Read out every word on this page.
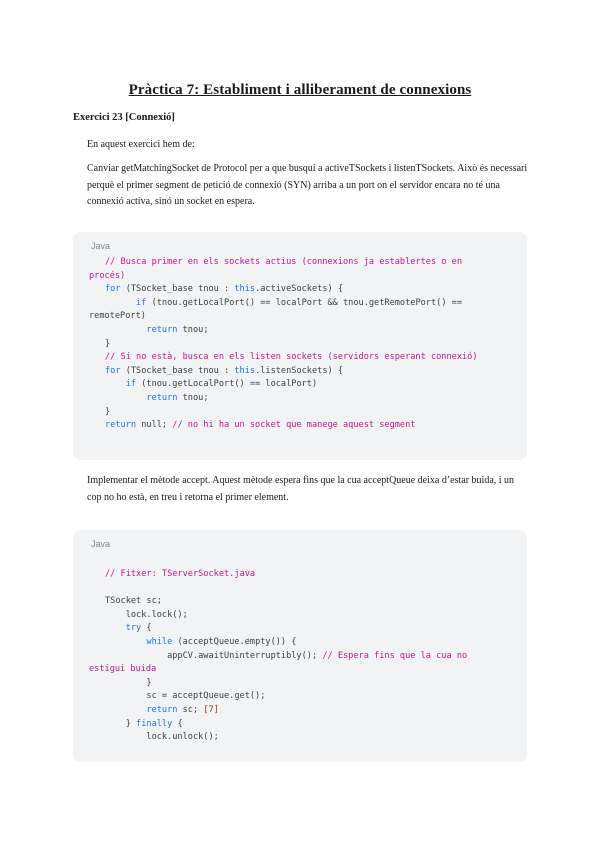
Pràctica 7: Establiment i alliberament de connexions
Exercici 23 [Connexió]

En aquest exercici hem de:

Canviar getMatchingSocket de Protocol per a que busqui a activeTSockets i listenTSockets. Això és necessari perquè el primer segment de petició de connexió (SYN) arriba a un port on el servidor encara no té una connexió activa, sinó un socket en espera.

Java
// Busca primer en els sockets actius (connexions ja establertes o en
procés)
for (TSocket_base tnou : this.activeSockets) {
if (tnou.getLocalPort() == localPort && tnou.getRemotePort() ==
remotePort)
return tnou;
}
// Si no està, busca en els listen sockets (servidors esperant connexió)
for (TSocket_base tnou : this.listenSockets) {
if (tnou.getLocalPort() == localPort)
return tnou;
}
return null; // no hi ha un socket que manege aquest segment

Implementar el mètode accept. Aquest mètode espera fins que la cua acceptQueue deixa d’estar buida, i un cop no ho està, en treu i retorna el primer element.

Java
// Fitxer: TServerSocket.java
TSocket sc;
lock.lock();
try {
while (acceptQueue.empty()) {
appCV.awaitUninterruptibly(); // Espera fins que la cua no
estigui buida
}
sc = acceptQueue.get();
return sc; [7]
} finally {
lock.unlock();
